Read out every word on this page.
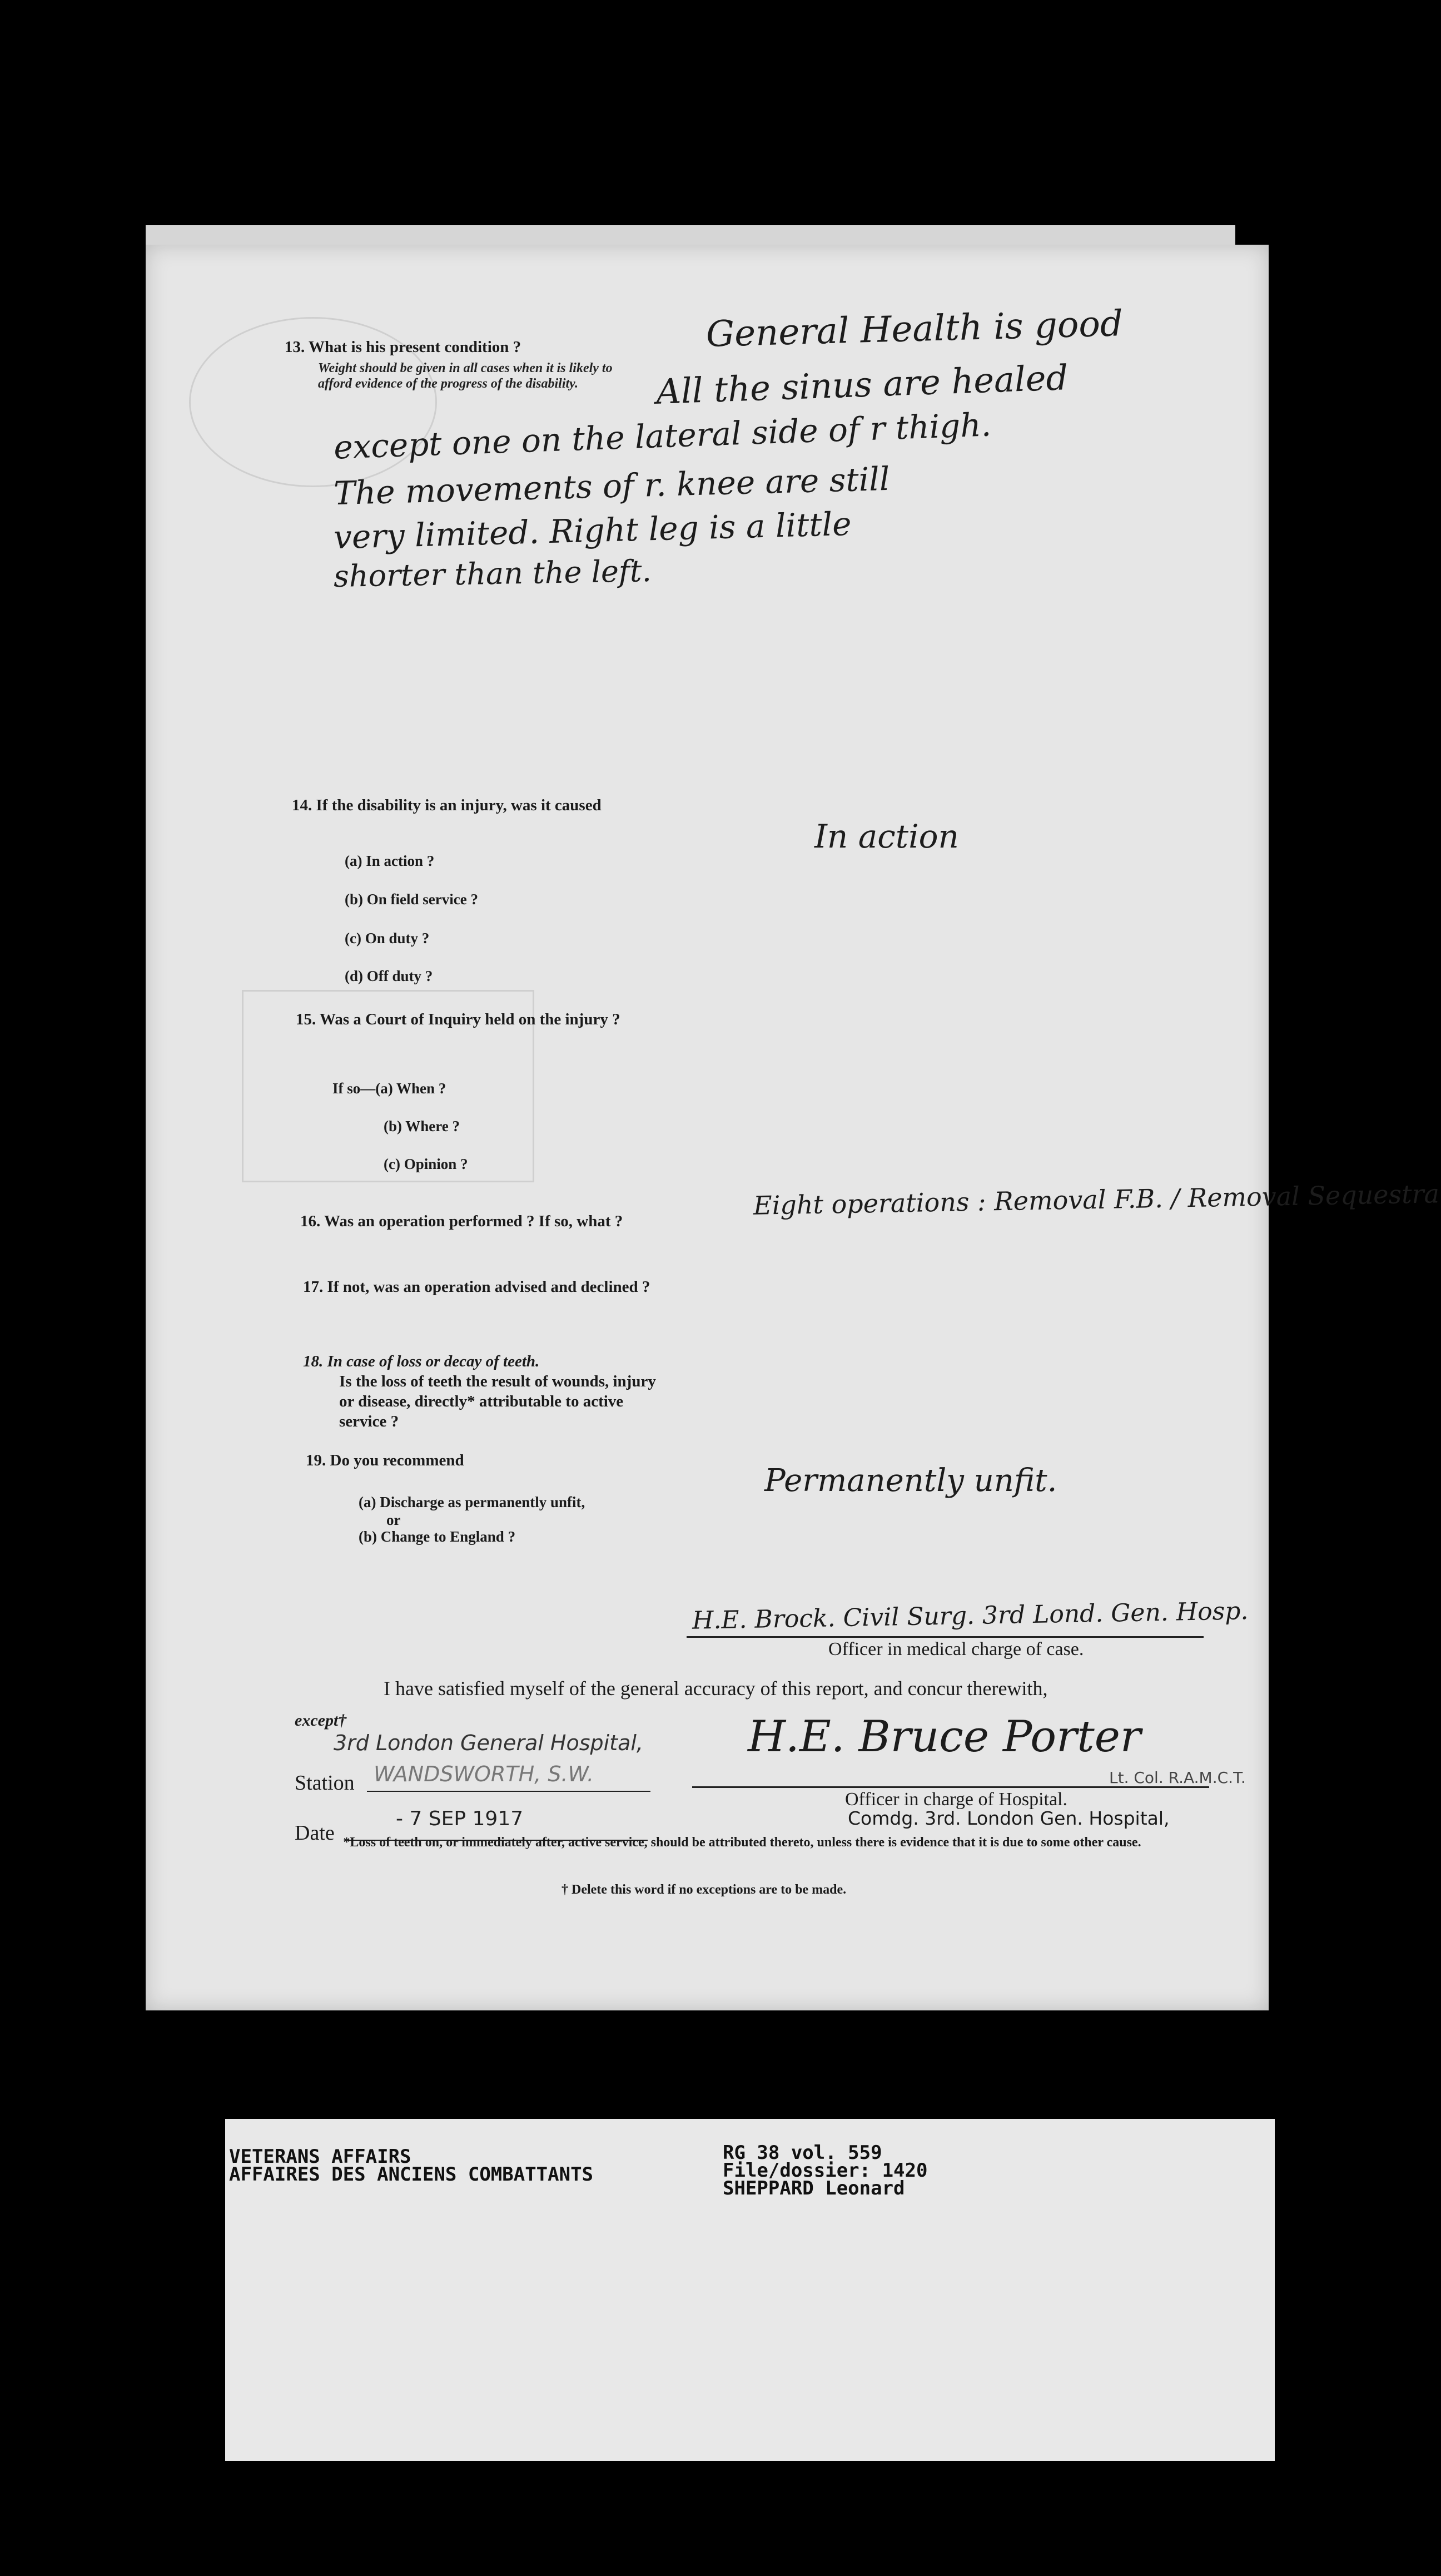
13. What is his present condition ?
Weight should be given in all cases when it is likely to afford evidence of the progress of the disability.
General Health is good
All the sinus are healed
except one on the lateral side of r thigh.
The movements of r. knee are still
very limited. Right leg is a little
shorter than the left.
14. If the disability is an injury, was it caused
(a) In action ?
(b) On field service ?
(c) On duty ?
(d) Off duty ?
In action
15. Was a Court of Inquiry held on the injury ?
If so—(a) When ?
(b) Where ?
(c) Opinion ?
16. Was an operation performed ? If so, what ?
Eight operations : Removal F.B. / Removal Sequestra
17. If not, was an operation advised and declined ?
18. In case of loss or decay of teeth.
Is the loss of teeth the result of wounds, injury or disease, directly* attributable to active service ?
19. Do you recommend
(a) Discharge as permanently unfit,
or
(b) Change to England ?
Permanently unfit.
H.E. Brock. Civil Surg. 3rd Lond. Gen. Hosp.
Officer in medical charge of case.
I have satisfied myself of the general accuracy of this report, and concur therewith,
except†
3rd London General Hospital,
Station WANDSWORTH, S.W.
Date
- 7 SEP 1917
H.E. Bruce Porter
Lt. Col. R.A.M.C.T.
Officer in charge of Hospital.
Comdg. 3rd. London Gen. Hospital,
*Loss of teeth on, or immediately after, active service, should be attributed thereto, unless there is evidence that it is due to some other cause.
† Delete this word if no exceptions are to be made.
VETERANS AFFAIRS
AFFAIRES DES ANCIENS COMBATTANTS
RG 38 vol. 559
File/dossier: 1420
SHEPPARD Leonard
